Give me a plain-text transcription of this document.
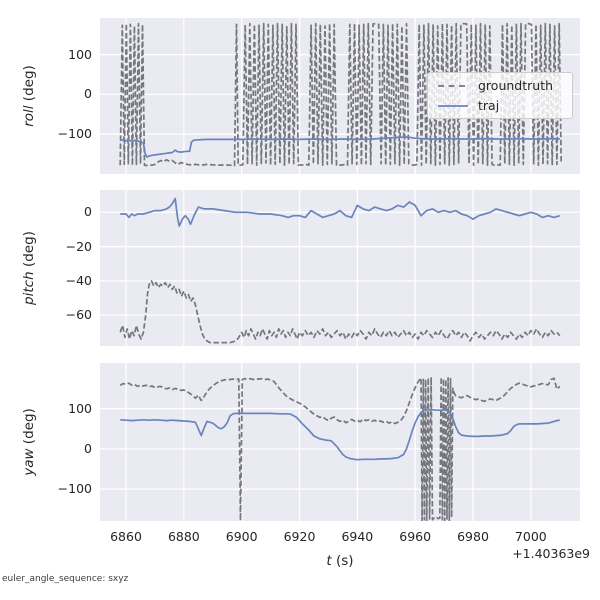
roll (deg)
pitch (deg)
yaw (deg)
groundtruth
traj
t (s)	+1.40363e9
euler_angle_sequence: sxyz
100
0
−100
0
−20
−40
−60
100
0
−100
6860	6880	6900	6920	6940	6960	6980	7000
